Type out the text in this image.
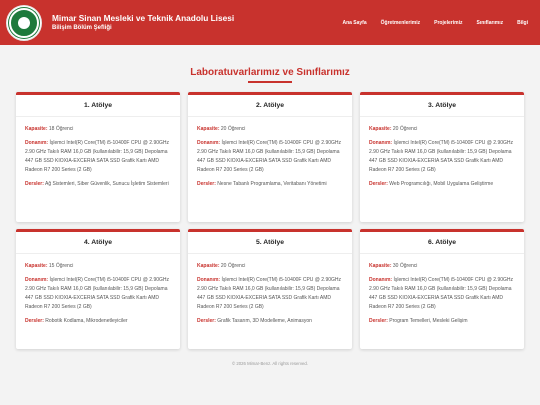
Mimar Sinan Mesleki ve Teknik Anadolu Lisesi
Bilişim Bölüm Şefliği
Ana Sayfa	Öğretmenlerimiz	Projelerimiz	Sınıflarımız	Bilgi
Laboratuvarlarımız ve Sınıflarımız
1. Atölye

Kapasite: 18 Öğrenci

Donanım: İşlemci Intel(R) Core(TM) i5-10400F CPU @ 2.90GHz 2.90 GHz Takılı RAM 16,0 GB (kullanılabilir: 15,9 GB) Depolama 447 GB SSD KIOXIA-EXCERIA SATA SSD Grafik Kartı AMD Radeon R7 200 Series (2 GB)

Dersler: Ağ Sistemleri, Siber Güvenlik, Sunucu İşletim Sistemleri

2. Atölye

Kapasite: 20 Öğrenci

Donanım: İşlemci Intel(R) Core(TM) i5-10400F CPU @ 2.90GHz 2.90 GHz Takılı RAM 16,0 GB (kullanılabilir: 15,9 GB) Depolama 447 GB SSD KIOXIA-EXCERIA SATA SSD Grafik Kartı AMD Radeon R7 200 Series (2 GB)

Dersler: Nesne Tabanlı Programlama, Veritabanı Yönetimi

3. Atölye

Kapasite: 20 Öğrenci

Donanım: İşlemci Intel(R) Core(TM) i5-10400F CPU @ 2.90GHz 2.90 GHz Takılı RAM 16,0 GB (kullanılabilir: 15,9 GB) Depolama 447 GB SSD KIOXIA-EXCERIA SATA SSD Grafik Kartı AMD Radeon R7 200 Series (2 GB)

Dersler: Web Programcılığı, Mobil Uygulama Geliştirme

4. Atölye

Kapasite: 15 Öğrenci

Donanım: İşlemci Intel(R) Core(TM) i5-10400F CPU @ 2.90GHz 2.90 GHz Takılı RAM 16,0 GB (kullanılabilir: 15,9 GB) Depolama 447 GB SSD KIOXIA-EXCERIA SATA SSD Grafik Kartı AMD Radeon R7 200 Series (2 GB)

Dersler: Robotik Kodlama, Mikrodenetleyiciler

5. Atölye

Kapasite: 20 Öğrenci

Donanım: İşlemci Intel(R) Core(TM) i5-10400F CPU @ 2.90GHz 2.90 GHz Takılı RAM 16,0 GB (kullanılabilir: 15,9 GB) Depolama 447 GB SSD KIOXIA-EXCERIA SATA SSD Grafik Kartı AMD Radeon R7 200 Series (2 GB)

Dersler: Grafik Tasarım, 3D Modelleme, Animasyon

6. Atölye

Kapasite: 30 Öğrenci

Donanım: İşlemci Intel(R) Core(TM) i5-10400F CPU @ 2.90GHz 2.90 GHz Takılı RAM 16,0 GB (kullanılabilir: 15,9 GB) Depolama 447 GB SSD KIOXIA-EXCERIA SATA SSD Grafik Kartı AMD Radeon R7 200 Series (2 GB)

Dersler: Program Temelleri, Mesleki Gelişim

© 2026 Mimar-Benz. All rights reserved.
